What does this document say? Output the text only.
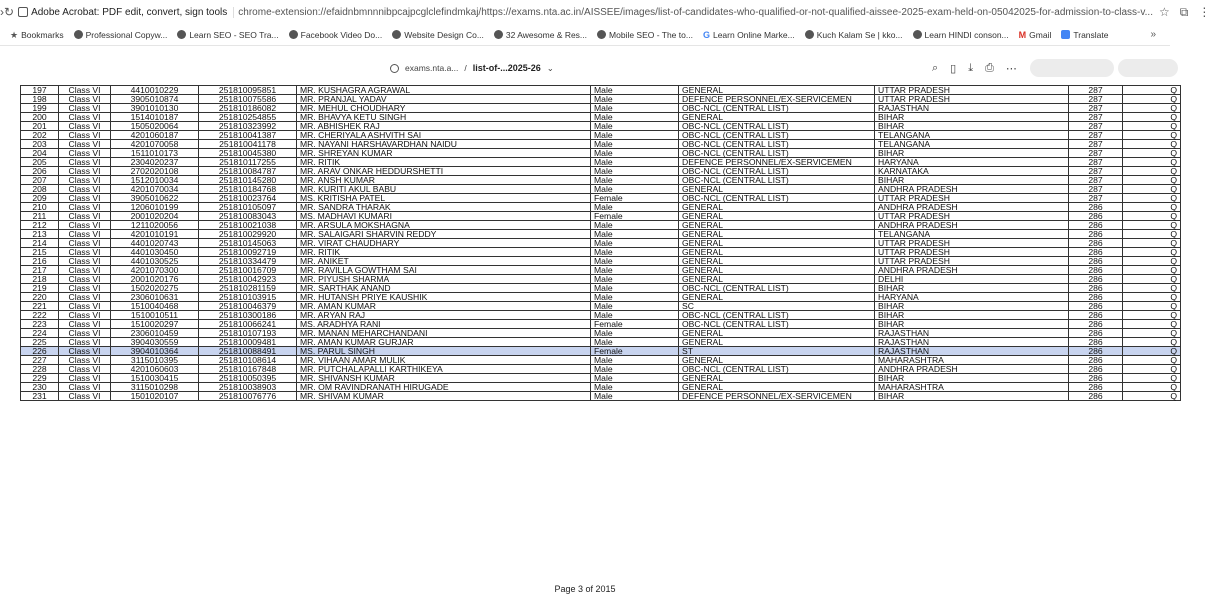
› ↻ Adobe Acrobat: PDF edit, convert, sign tools chrome-extension://efaidnbmnnnibpcajpcglclefindmkaj/https://exams.nta.ac.in/AISSEE/images/list-of-candidates-who-qualified-or-not-qualified-aissee-2025-exam-held-on-05042025-for-admission-to-class-v... ☆ ⧉ ⋮
★ Bookmarks	Professional Copyw...	Learn SEO - SEO Tra...	Facebook Video Do...	Website Design Co...	32 Awesome & Res...	Mobile SEO - The to... G Learn Online Marke...	Kuch Kalam Se | kko...	Learn HINDI conson... M Gmail	Translate	»
exams.nta.a... / list-of-...2025-26 ⌄	⌕ ▯ ⤓ ⎙ ⋯
197	Class VI	4410010229	251810095851	MR. KUSHAGRA AGRAWAL	Male	GENERAL	UTTAR PRADESH	287	Q
198	Class VI	3905010874	251810075586	MR. PRANJAL YADAV	Male	DEFENCE PERSONNEL/EX-SERVICEMEN	UTTAR PRADESH	287	Q
199	Class VI	3901010130	251810186082	MR. MEHUL CHOUDHARY	Male	OBC-NCL (CENTRAL LIST)	RAJASTHAN	287	Q
200	Class VI	1514010187	251810254855	MR. BHAVYA KETU SINGH	Male	GENERAL	BIHAR	287	Q
201	Class VI	1505020064	251810323992	MR. ABHISHEK RAJ	Male	OBC-NCL (CENTRAL LIST)	BIHAR	287	Q
202	Class VI	4201060187	251810041387	MR. CHERIYALA ASHVITH SAI	Male	OBC-NCL (CENTRAL LIST)	TELANGANA	287	Q
203	Class VI	4201070058	251810041178	MR. NAYANI HARSHAVARDHAN NAIDU	Male	OBC-NCL (CENTRAL LIST)	TELANGANA	287	Q
204	Class VI	1511010173	251810045380	MR. SHREYAN KUMAR	Male	OBC-NCL (CENTRAL LIST)	BIHAR	287	Q
205	Class VI	2304020237	251810117255	MR. RITIK	Male	DEFENCE PERSONNEL/EX-SERVICEMEN	HARYANA	287	Q
206	Class VI	2702020108	251810084787	MR. ARAV ONKAR HEDDURSHETTI	Male	OBC-NCL (CENTRAL LIST)	KARNATAKA	287	Q
207	Class VI	1512010034	251810145280	MR. ANSH KUMAR	Male	OBC-NCL (CENTRAL LIST)	BIHAR	287	Q
208	Class VI	4201070034	251810184768	MR. KURITI AKUL BABU	Male	GENERAL	ANDHRA PRADESH	287	Q
209	Class VI	3905010622	251810023764	MS. KRITISHA PATEL	Female	OBC-NCL (CENTRAL LIST)	UTTAR PRADESH	287	Q
210	Class VI	1206010199	251810105097	MR. SANDRA THARAK	Male	GENERAL	ANDHRA PRADESH	286	Q
211	Class VI	2001020204	251810083043	MS. MADHAVI KUMARI	Female	GENERAL	UTTAR PRADESH	286	Q
212	Class VI	1211020056	251810021038	MR. ARSULA MOKSHAGNA	Male	GENERAL	ANDHRA PRADESH	286	Q
213	Class VI	4201010191	251810029920	MR. SALAIGARI SHARVIN REDDY	Male	GENERAL	TELANGANA	286	Q
214	Class VI	4401020743	251810145063	MR. VIRAT CHAUDHARY	Male	GENERAL	UTTAR PRADESH	286	Q
215	Class VI	4401030450	251810092719	MR. RITIK	Male	GENERAL	UTTAR PRADESH	286	Q
216	Class VI	4401030525	251810334479	MR. ANIKET	Male	GENERAL	UTTAR PRADESH	286	Q
217	Class VI	4201070300	251810016709	MR. RAVILLA GOWTHAM SAI	Male	GENERAL	ANDHRA PRADESH	286	Q
218	Class VI	2001020176	251810042923	MR. PIYUSH SHARMA	Male	GENERAL	DELHI	286	Q
219	Class VI	1502020275	251810281159	MR. SARTHAK ANAND	Male	OBC-NCL (CENTRAL LIST)	BIHAR	286	Q
220	Class VI	2306010631	251810103915	MR. HUTANSH PRIYE KAUSHIK	Male	GENERAL	HARYANA	286	Q
221	Class VI	1510040468	251810046379	MR. AMAN KUMAR	Male	SC	BIHAR	286	Q
222	Class VI	1510010511	251810300186	MR. ARYAN RAJ	Male	OBC-NCL (CENTRAL LIST)	BIHAR	286	Q
223	Class VI	1510020297	251810066241	MS. ARADHYA RANI	Female	OBC-NCL (CENTRAL LIST)	BIHAR	286	Q
224	Class VI	2306010459	251810107193	MR. MANAN MEHARCHANDANI	Male	GENERAL	RAJASTHAN	286	Q
225	Class VI	3904030559	251810009481	MR. AMAN KUMAR GURJAR	Male	GENERAL	RAJASTHAN	286	Q
226	Class VI	3904010364	251810088491	MS. PARUL SINGH	Female	ST	RAJASTHAN	286	Q
227	Class VI	3115010395	251810108614	MR. VIHAAN AMAR MULIK	Male	GENERAL	MAHARASHTRA	286	Q
228	Class VI	4201060603	251810167848	MR. PUTCHALAPALLI KARTHIKEYA	Male	OBC-NCL (CENTRAL LIST)	ANDHRA PRADESH	286	Q
229	Class VI	1510030415	251810050395	MR. SHIVANSH KUMAR	Male	GENERAL	BIHAR	286	Q
230	Class VI	3115010298	251810038903	MR. OM RAVINDRANATH HIRUGADE	Male	GENERAL	MAHARASHTRA	286	Q
231	Class VI	1501020107	251810076776	MR. SHIVAM KUMAR	Male	DEFENCE PERSONNEL/EX-SERVICEMEN	BIHAR	286	Q
Page 3 of 2015
